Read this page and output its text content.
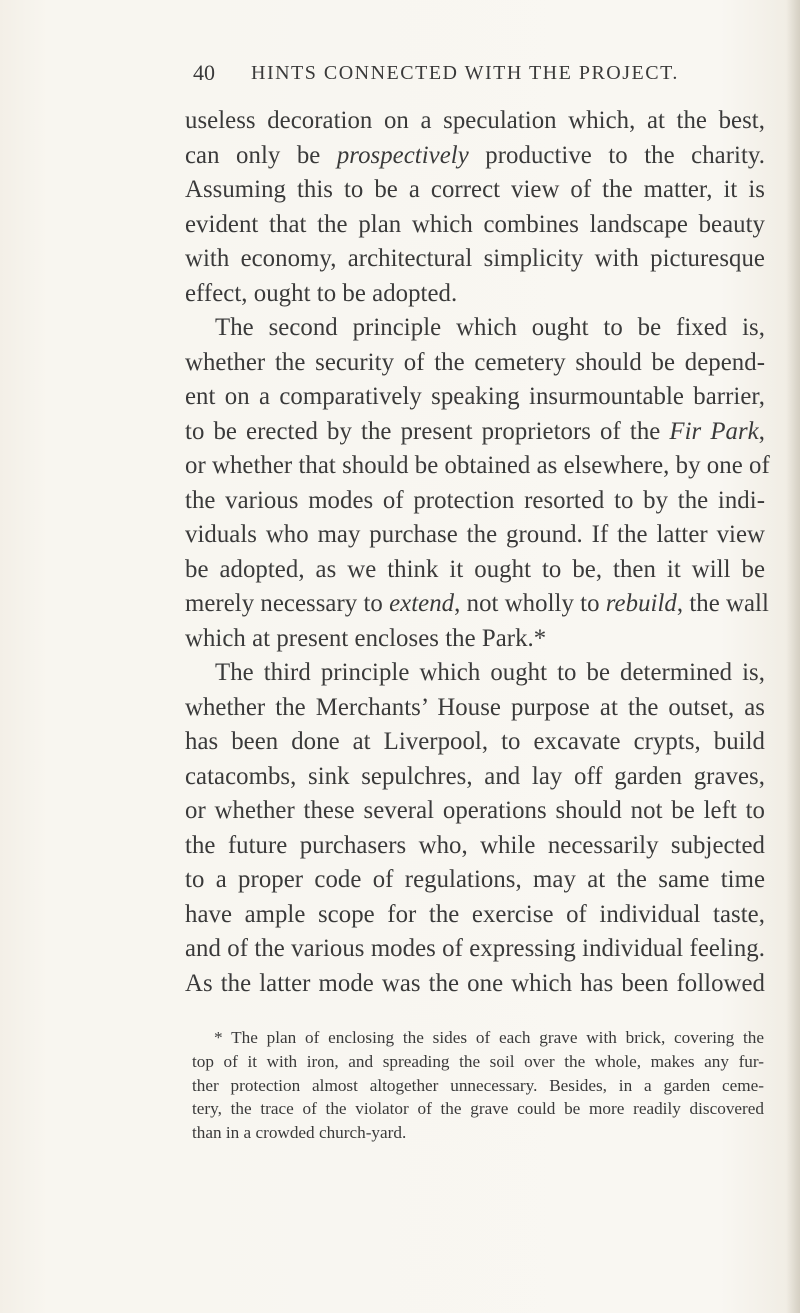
40 HINTS CONNECTED WITH THE PROJECT.
useless decoration on a speculation which, at the best,
can only be prospectively productive to the charity.
Assuming this to be a correct view of the matter, it is
evident that the plan which combines landscape beauty
with economy, architectural simplicity with picturesque
effect, ought to be adopted.
The second principle which ought to be fixed is,
whether the security of the cemetery should be depend-
ent on a comparatively speaking insurmountable barrier,
to be erected by the present proprietors of the Fir Park,
or whether that should be obtained as elsewhere, by one of
the various modes of protection resorted to by the indi-
viduals who may purchase the ground. If the latter view
be adopted, as we think it ought to be, then it will be
merely necessary to extend, not wholly to rebuild, the wall
which at present encloses the Park.*
The third principle which ought to be determined is,
whether the Merchants’ House purpose at the outset, as
has been done at Liverpool, to excavate crypts, build
catacombs, sink sepulchres, and lay off garden graves,
or whether these several operations should not be left to
the future purchasers who, while necessarily subjected
to a proper code of regulations, may at the same time
have ample scope for the exercise of individual taste,
and of the various modes of expressing individual feeling.
As the latter mode was the one which has been followed
* The plan of enclosing the sides of each grave with brick, covering the
top of it with iron, and spreading the soil over the whole, makes any fur-
ther protection almost altogether unnecessary. Besides, in a garden ceme-
tery, the trace of the violator of the grave could be more readily discovered
than in a crowded church-yard.
